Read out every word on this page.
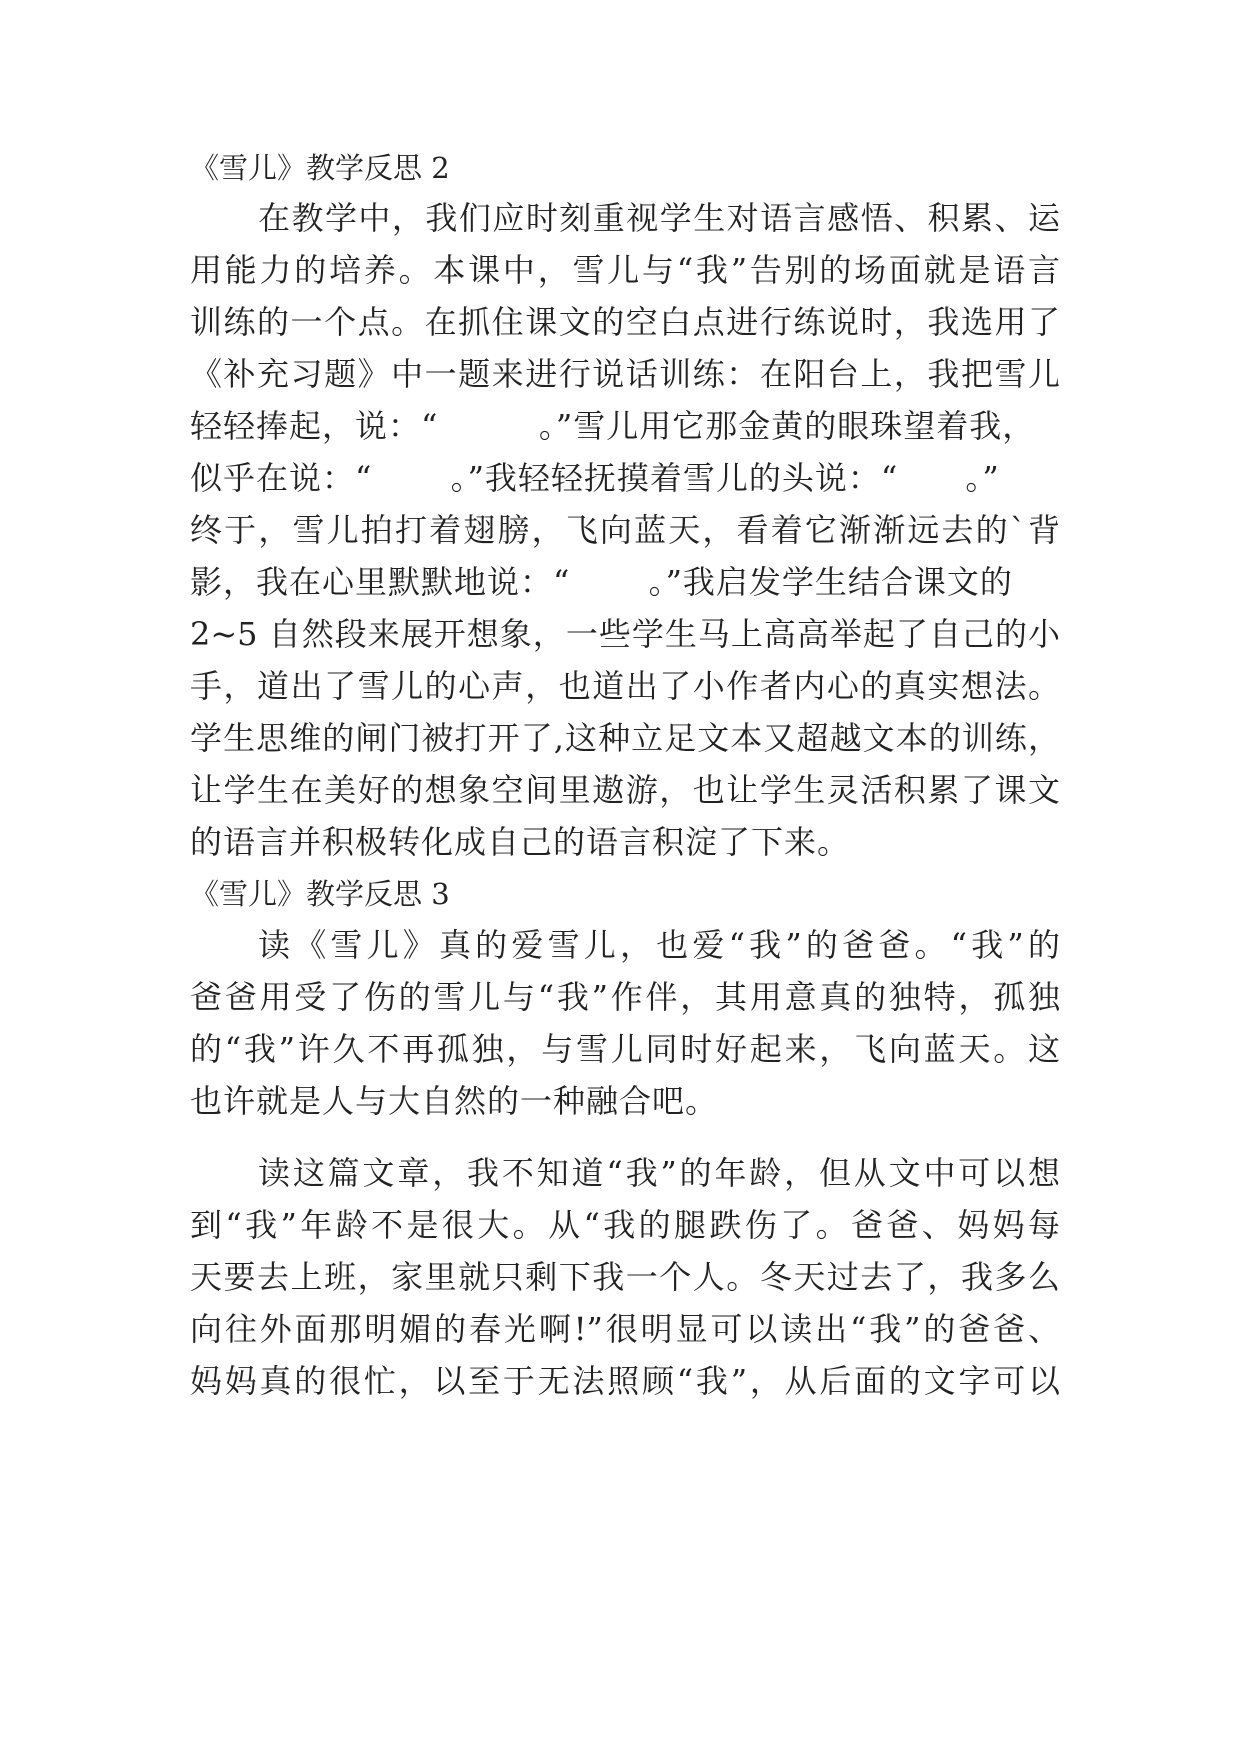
《雪儿》教学反思 2
在教学中，我们应时刻重视学生对语言感悟、积累、运
用能力的培养。本课中，雪儿与“我”告别的场面就是语言
训练的一个点。在抓住课文的空白点进行练说时，我选用了
《补充习题》中一题来进行说话训练：在阳台上，我把雪儿
轻轻捧起，说：“         。”雪儿用它那金黄的眼珠望着我，
似乎在说：“       。”我轻轻抚摸着雪儿的头说：“      。”
终于，雪儿拍打着翅膀，飞向蓝天，看着它渐渐远去的`背
影，我在心里默默地说：“       。”我启发学生结合课文的
2~5 自然段来展开想象，一些学生马上高高举起了自己的小
手，道出了雪儿的心声，也道出了小作者内心的真实想法。
学生思维的闸门被打开了,这种立足文本又超越文本的训练，
让学生在美好的想象空间里遨游，也让学生灵活积累了课文
的语言并积极转化成自己的语言积淀了下来。
《雪儿》教学反思 3
读《雪儿》真的爱雪儿，也爱“我”的爸爸。“我”的
爸爸用受了伤的雪儿与“我”作伴，其用意真的独特，孤独
的“我”许久不再孤独，与雪儿同时好起来，飞向蓝天。这
也许就是人与大自然的一种融合吧。
读这篇文章，我不知道“我”的年龄，但从文中可以想
到“我”年龄不是很大。从“我的腿跌伤了。爸爸、妈妈每
天要去上班，家里就只剩下我一个人。冬天过去了，我多么
向往外面那明媚的春光啊!”很明显可以读出“我”的爸爸、
妈妈真的很忙，以至于无法照顾“我”，从后面的文字可以
